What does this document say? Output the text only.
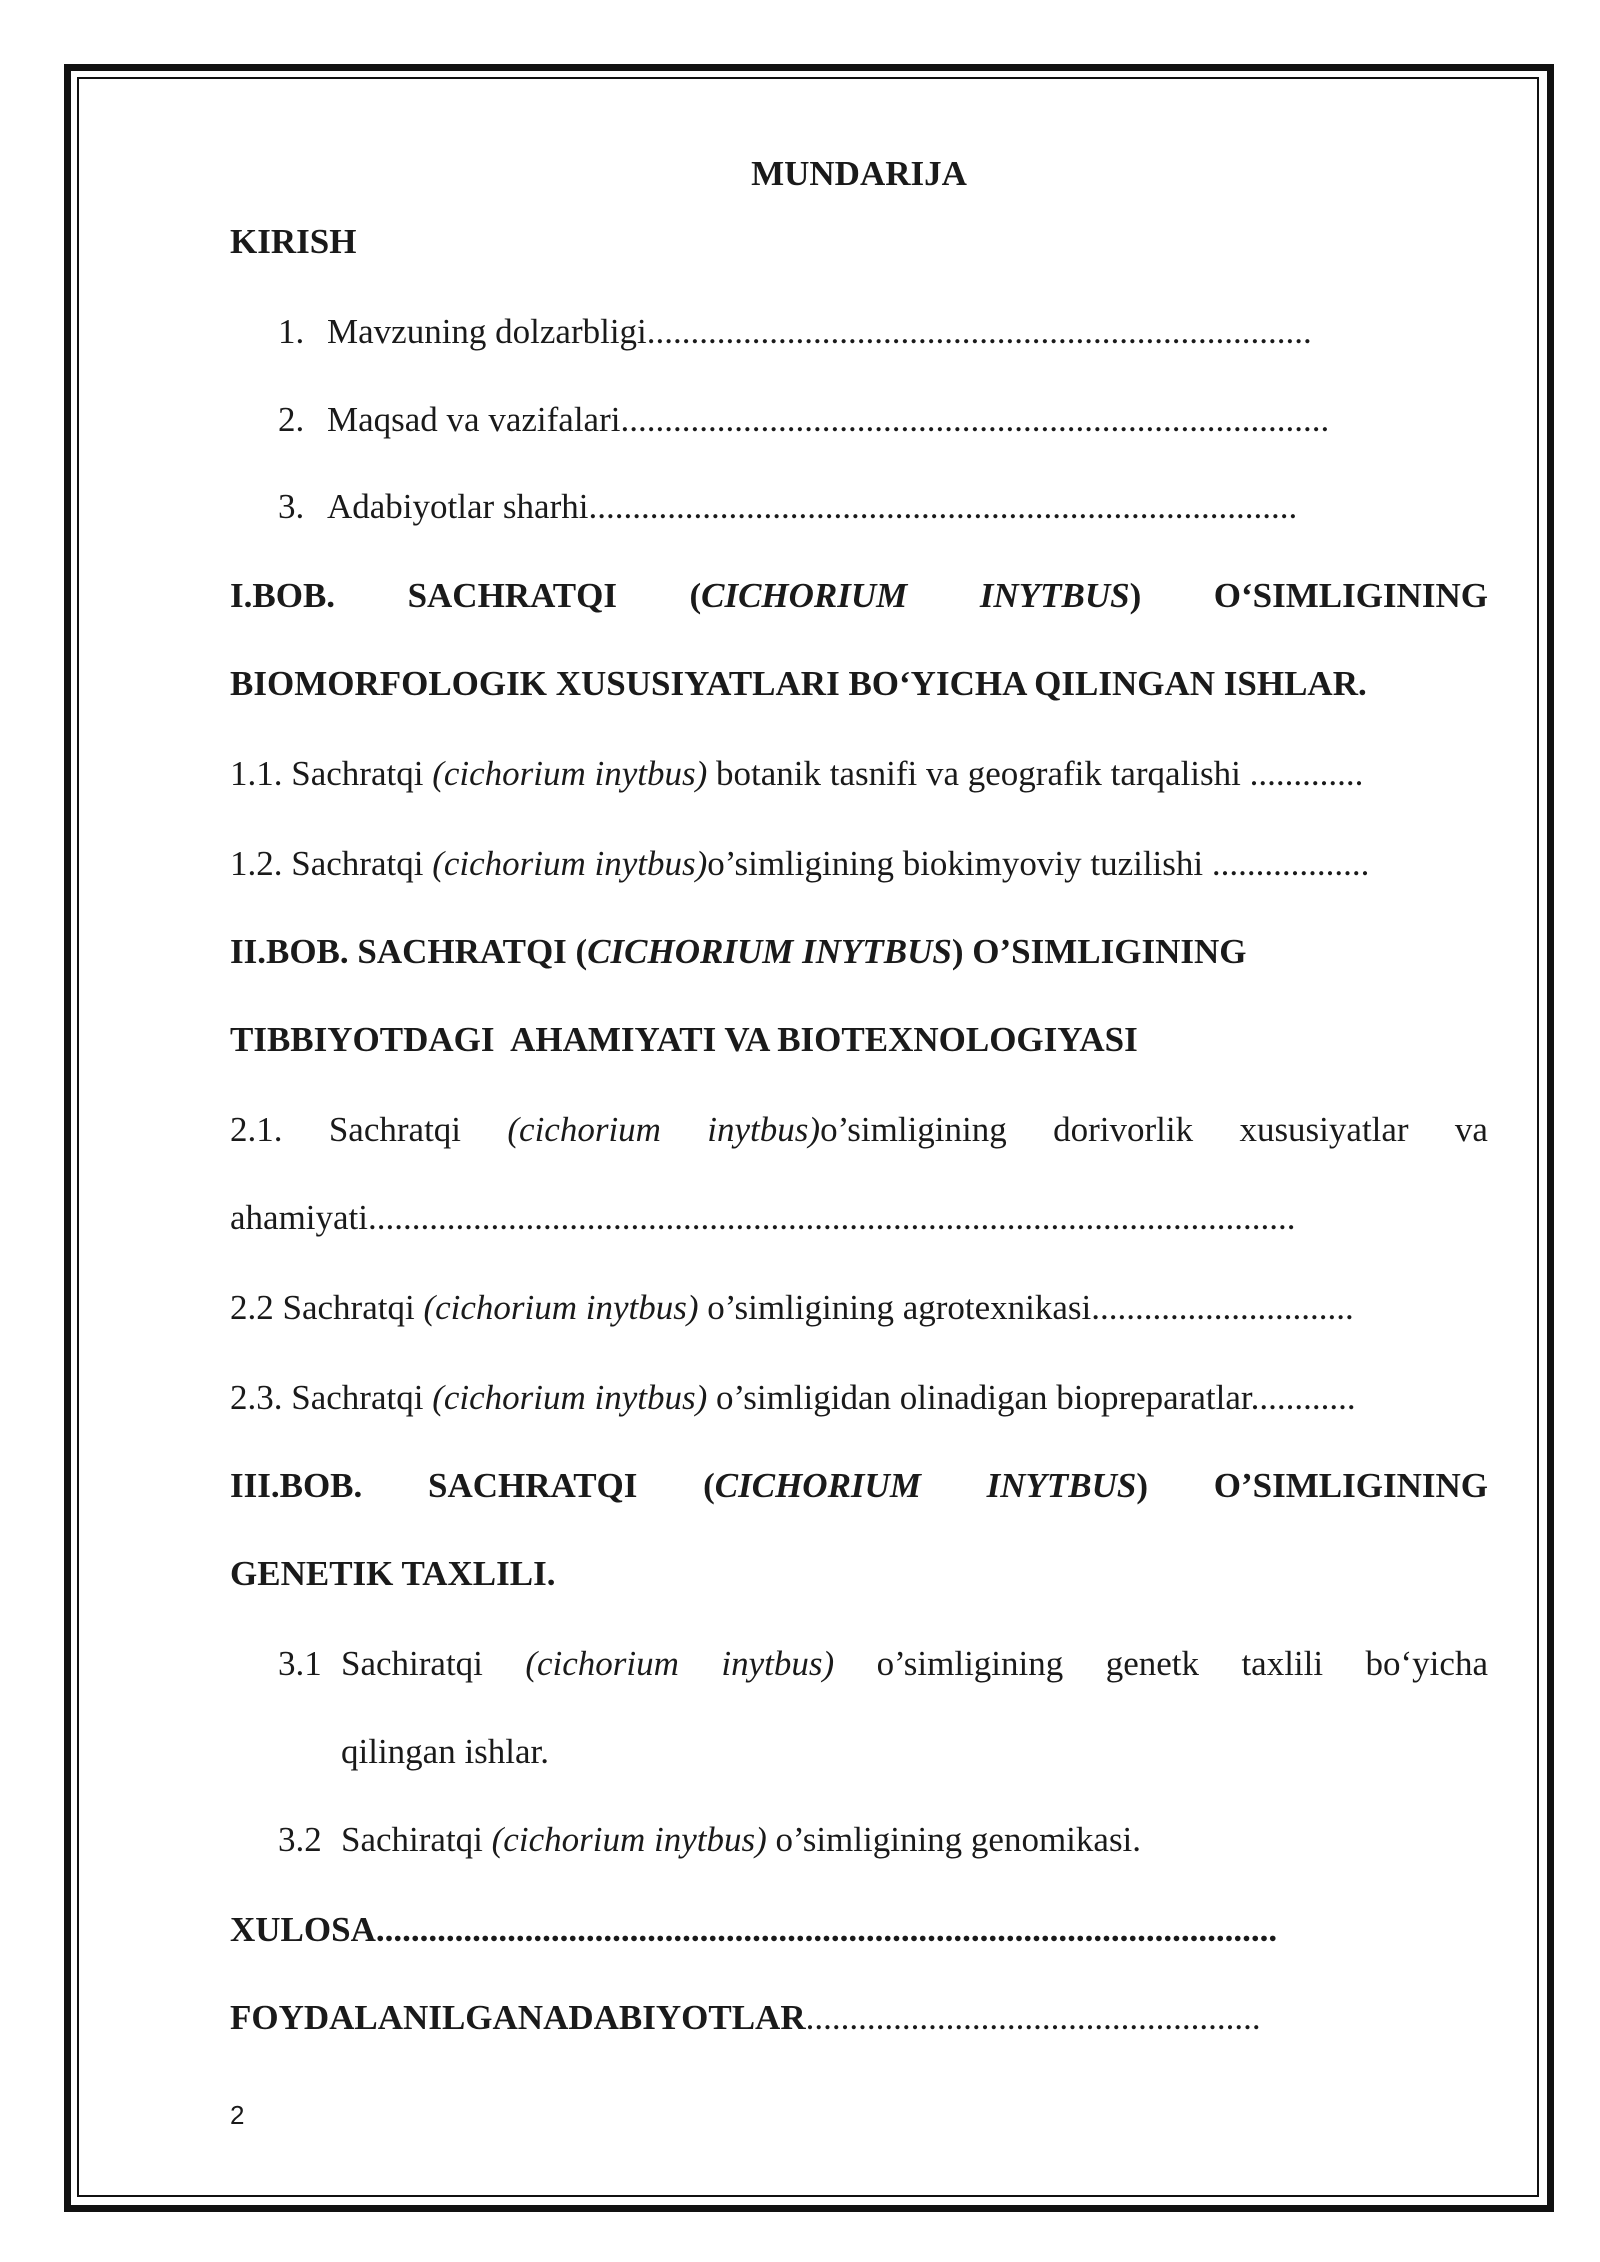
MUNDARIJA
KIRISH
1. Mavzuning dolzarbligi............................................................................
2. Maqsad va vazifalari.................................................................................
3. Adabiyotlar sharhi.................................................................................
I.BOB. SACHRATQI (CICHORIUM INYTBUS) O‘SIMLIGINING
BIOMORFOLOGIK XUSUSIYATLARI BO‘YICHA QILINGAN ISHLAR.
1.1. Sachratqi (cichorium inytbus) botanik tasnifi va geografik tarqalishi .............
1.2. Sachratqi (cichorium inytbus)o’simligining biokimyoviy tuzilishi ..................
II.BOB. SACHRATQI (CICHORIUM INYTBUS) O’SIMLIGINING
TIBBIYOTDAGI  AHAMIYATI VA BIOTEXNOLOGIYASI
2.1. Sachratqi (cichorium inytbus)o’simligining dorivorlik xususiyatlar va
ahamiyati..........................................................................................................
2.2 Sachratqi (cichorium inytbus) o’simligining agrotexnikasi..............................
2.3. Sachratqi (cichorium inytbus) o’simligidan olinadigan biopreparatlar............
III.BOB. SACHRATQI (CICHORIUM INYTBUS) O’SIMLIGINING
GENETIK TAXLILI.
3.1 Sachiratqi (cichorium inytbus) o’simligining genetk taxlili bo‘yicha
qilingan ishlar.
3.2 Sachiratqi (cichorium inytbus) o’simligining genomikasi.
XULOSA.......................................................................................................
FOYDALANILGANADABIYOTLAR....................................................
2
